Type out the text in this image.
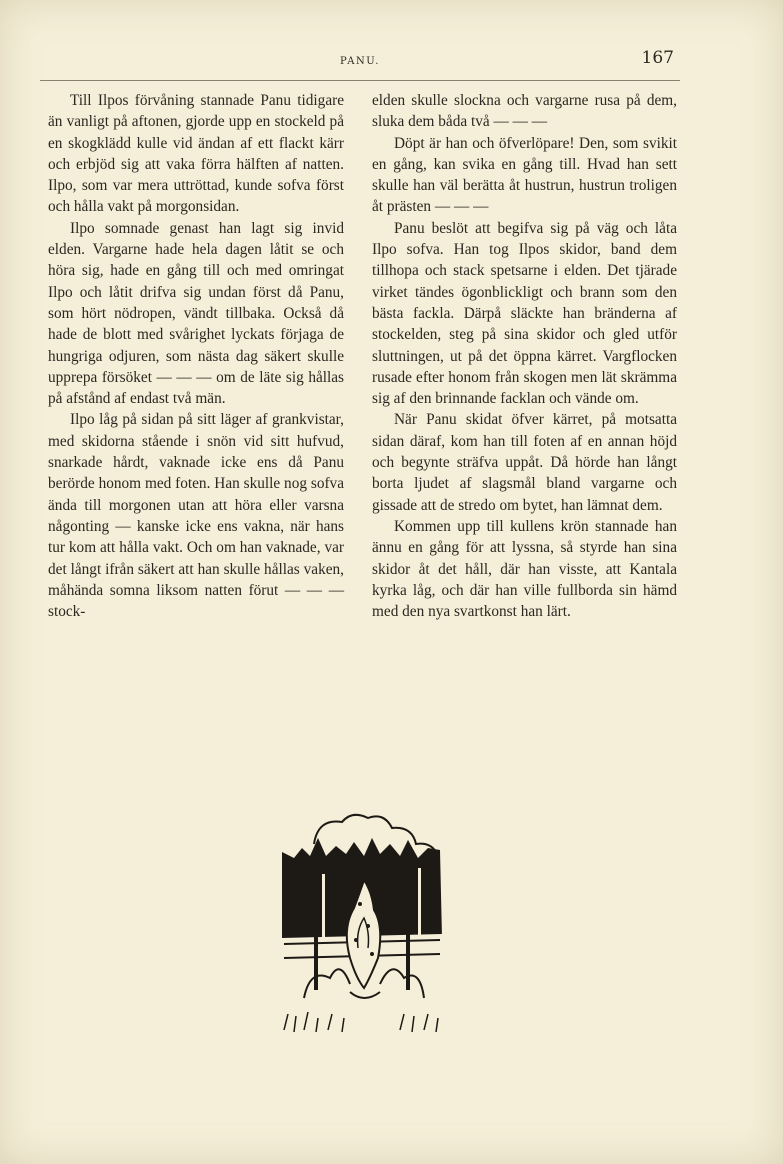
PANU.	167

Till Ilpos förvåning stannade Panu tidigare än vanligt på aftonen, gjorde upp en stockeld på en skogklädd kulle vid ändan af ett flackt kärr och erbjöd sig att vaka förra hälften af natten. Ilpo, som var mera uttröttad, kunde sofva först och hålla vakt på morgonsidan.

Ilpo somnade genast han lagt sig invid elden. Vargarne hade hela dagen låtit se och höra sig, hade en gång till och med omringat Ilpo och låtit drifva sig undan först då Panu, som hört nödropen, vändt tillbaka. Också då hade de blott med svårighet lyckats förjaga de hungriga odjuren, som nästa dag säkert skulle upprepa försöket — — — om de läte sig hållas på afstånd af endast två män.

Ilpo låg på sidan på sitt läger af grankvistar, med skidorna stående i snön vid sitt hufvud, snarkade hårdt, vaknade icke ens då Panu berörde honom med foten. Han skulle nog sofva ända till morgonen utan att höra eller varsna någonting — kanske icke ens vakna, när hans tur kom att hålla vakt. Och om han vaknade, var det långt ifrån säkert att han skulle hållas vaken, måhända somna liksom natten förut — — — stock-

elden skulle slockna och vargarne rusa på dem, sluka dem båda två — — —

Döpt är han och öfverlöpare! Den, som svikit en gång, kan svika en gång till. Hvad han sett skulle han väl berätta åt hustrun, hustrun troligen åt prästen — — —

Panu beslöt att begifva sig på väg och låta Ilpo sofva. Han tog Ilpos skidor, band dem tillhopa och stack spetsarne i elden. Det tjärade virket tändes ögonblickligt och brann som den bästa fackla. Därpå släckte han bränderna af stockelden, steg på sina skidor och gled utför sluttningen, ut på det öppna kärret. Vargflocken rusade efter honom från skogen men lät skrämma sig af den brinnande facklan och vände om.

När Panu skidat öfver kärret, på motsatta sidan däraf, kom han till foten af en annan höjd och begynte sträfva uppåt. Då hörde han långt borta ljudet af slagsmål bland vargarne och gissade att de stredo om bytet, han lämnat dem.

Kommen upp till kullens krön stannade han ännu en gång för att lyssna, så styrde han sina skidor åt det håll, där han visste, att Kantala kyrka låg, och där han ville fullborda sin hämd med den nya svartkonst han lärt.
